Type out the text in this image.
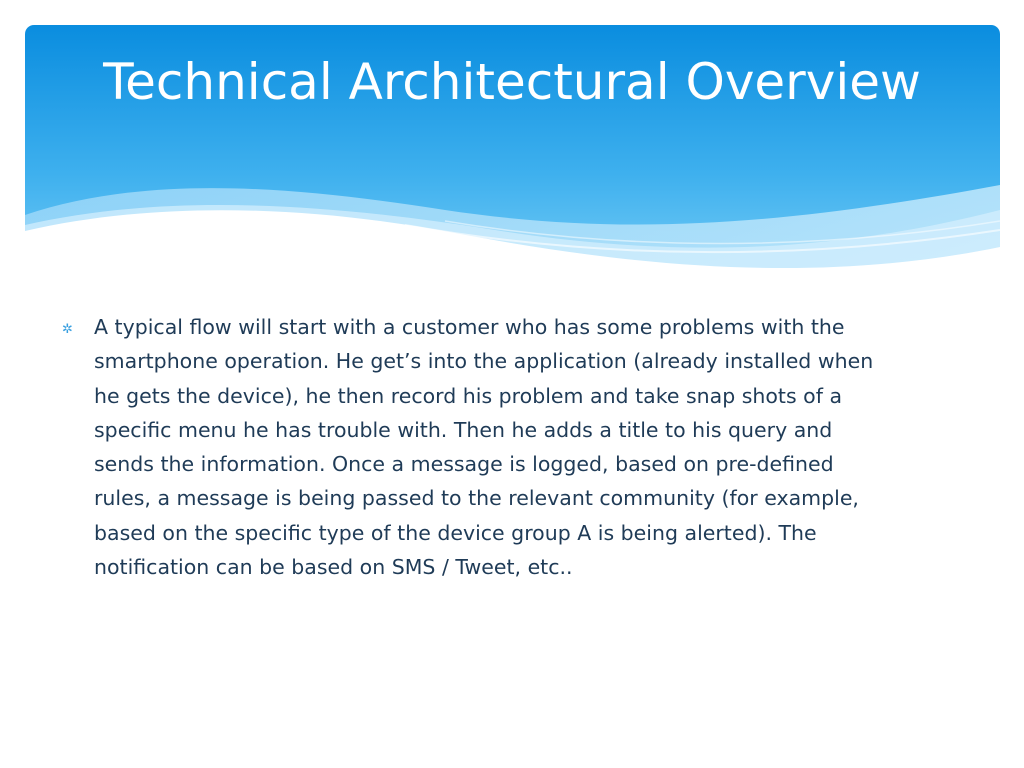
Technical Architectural Overview
✲ A typical flow will start with a customer who has some problems with the smartphone operation. He get’s into the application (already installed when he gets the device), he then record his problem and take snap shots of a specific menu he has trouble with. Then he adds a title to his query and sends the information. Once a message is logged, based on pre-defined rules, a message is being passed to the relevant community (for example, based on the specific type of the device group A is being alerted). The notification can be based on SMS / Tweet, etc..
